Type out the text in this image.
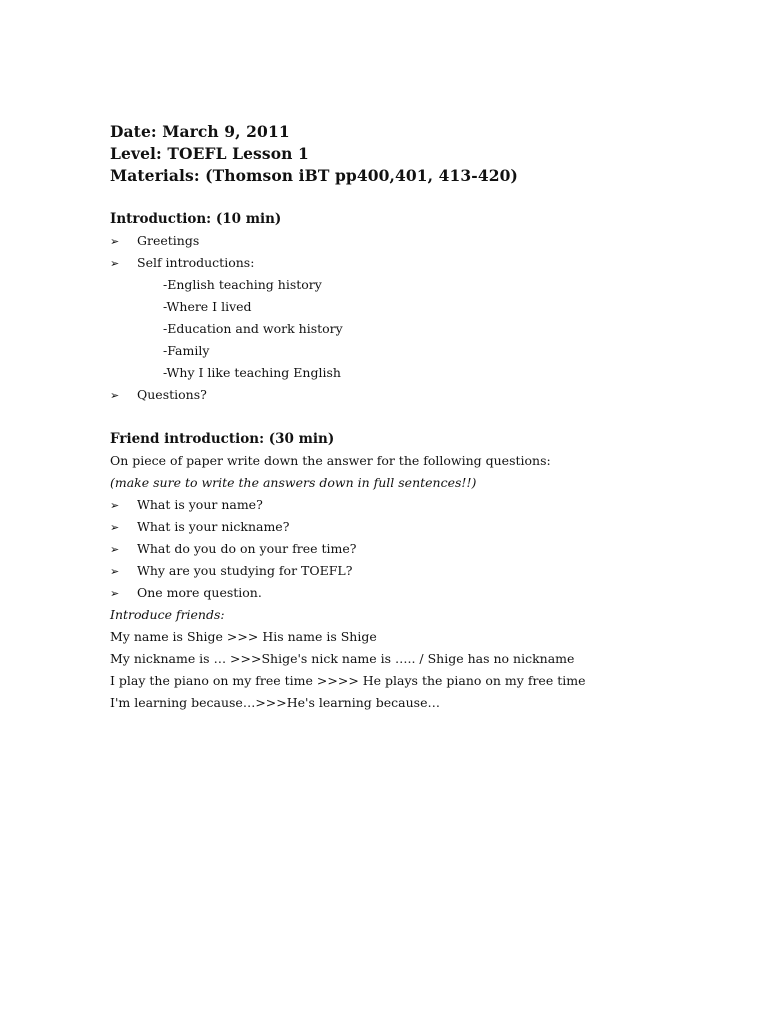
Date: March 9, 2011
Level: TOEFL Lesson 1
Materials: (Thomson iBT pp400,401, 413-420)
Introduction: (10 min)
➢ Greetings
➢ Self introductions:
-English teaching history
-Where I lived
-Education and work history
-Family
-Why I like teaching English
➢ Questions?
Friend introduction: (30 min)
On piece of paper write down the answer for the following questions:
(make sure to write the answers down in full sentences!!)
➢ What is your name?
➢ What is your nickname?
➢ What do you do on your free time?
➢ Why are you studying for TOEFL?
➢ One more question.
Introduce friends:
My name is Shige >>> His name is Shige
My nickname is … >>>Shige's nick name is ….. / Shige has no nickname
I play the piano on my free time >>>> He plays the piano on my free time
I'm learning because…>>>He's learning because…
